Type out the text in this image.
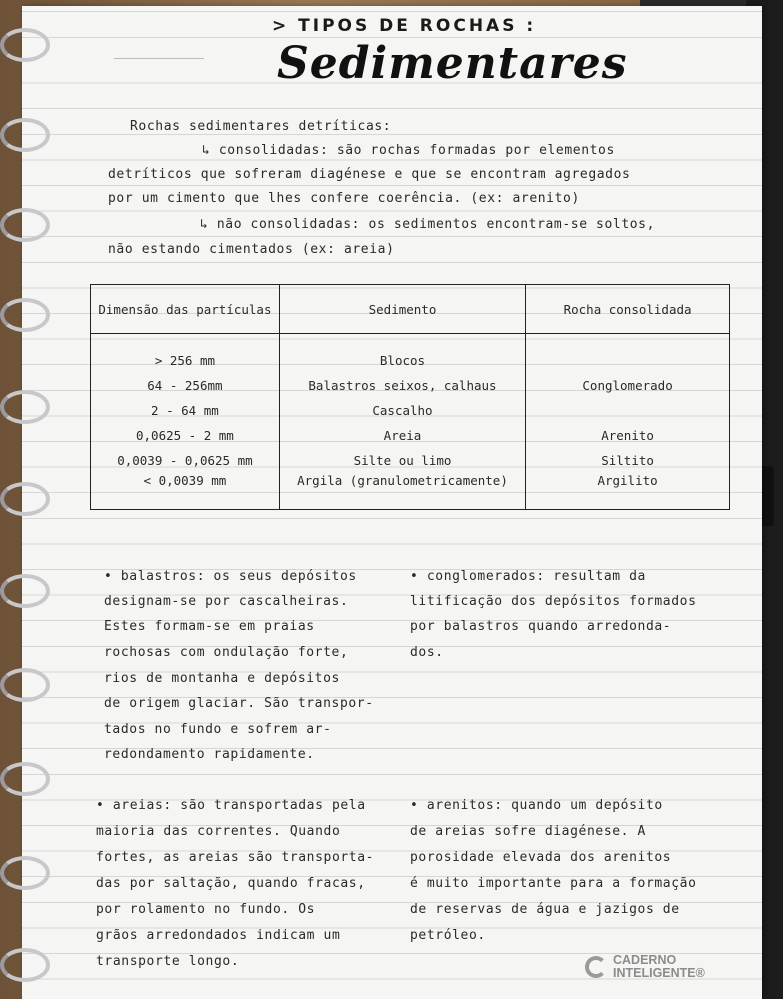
> TIPOS DE ROCHAS :
Sedimentares
Rochas sedimentares detríticas:
↳ consolidadas: são rochas formadas por elementos
detríticos que sofreram diagénese e que se encontram agregados
por um cimento que lhes confere coerência. (ex: arenito)
↳ não consolidadas: os sedimentos encontram-se soltos,
não estando cimentados (ex: areia)
• balastros: os seus depósitos
designam-se por cascalheiras.
Estes formam-se em praias
rochosas com ondulação forte,
rios de montanha e depósitos
de origem glaciar. São transpor-
tados no fundo e sofrem ar-
redondamento rapidamente.
• conglomerados: resultam da
litificação dos depósitos formados
por balastros quando arredonda-
dos.
• areias: são transportadas pela
maioria das correntes. Quando
fortes, as areias são transporta-
das por saltação, quando fracas,
por rolamento no fundo. Os
grãos arredondados indicam um
transporte longo.
• arenitos: quando um depósito
de areias sofre diagénese. A
porosidade elevada dos arenitos
é muito importante para a formação
de reservas de água e jazigos de
petróleo.
Dimensão das partículas	Sedimento	Rocha consolidada
> 256 mm	Blocos	
64 - 256mm	Balastros seixos, calhaus	Conglomerado
2 - 64 mm	Cascalho	
0,0625 - 2 mm	Areia	Arenito
0,0039 - 0,0625 mm	Silte ou limo	Siltito
< 0,0039 mm	Argila (granulometricamente)	Argilito
CADERNO
INTELIGENTE®
